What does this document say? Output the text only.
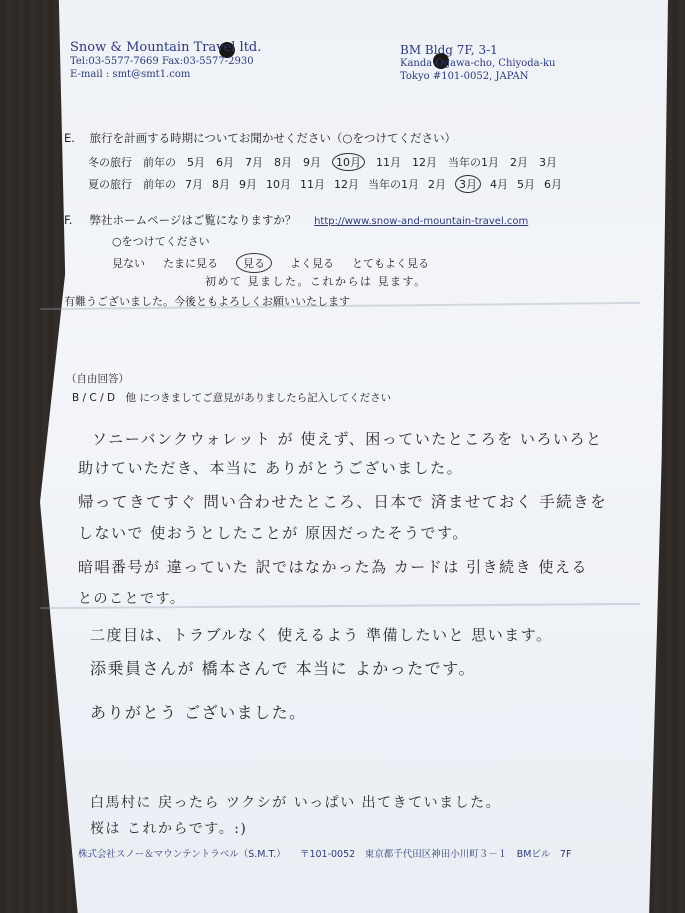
Snow & Mountain Travel ltd.
Tel:03-5577-7669 Fax:03-5577-2930
E-mail : smt@smt1.com
BM Bldg 7F, 3-1
Kanda Ogawa-cho, Chiyoda-ku
Tokyo #101-0052, JAPAN
E. 旅行を計画する時期についてお聞かせください（○をつけてください）
冬の旅行 前年の 5月 6月 7月 8月 9月 10月 11月 12月 当年の1月 2月 3月
夏の旅行 前年の 7月 8月 9月 10月 11月 12月 当年の1月 2月 3月 4月 5月 6月
F. 弊社ホームページはご覧になりますか？ http://www.snow-and-mountain-travel.com
○をつけてください
見ない たまに見る 見る よく見る とてもよく見る
初めて 見ました。これからは 見ます。
有難うございました。今後ともよろしくお願いいたします
（自由回答）
B / C / D　他 につきましてご意見がありましたら記入してください
ソニーバンクウォレット が 使えず、困っていたところを いろいろと
助けていただき、本当に ありがとうございました。
帰ってきてすぐ 問い合わせたところ、日本で 済ませておく 手続きを
しないで 使おうとしたことが 原因だったそうです。
暗唱番号が 違っていた 訳ではなかった為 カードは 引き続き 使える
とのことです。
二度目は、トラブルなく 使えるよう 準備したいと 思います。
添乗員さんが 橋本さんで 本当に よかったです。
ありがとう ございました。
白馬村に 戻ったら ツクシが いっぱい 出てきていました。
桜は これからです。:)
株式会社スノー＆マウンテントラベル（S.M.T.）　　〒101-0052　東京都千代田区神田小川町３－１　BMビル　7F
